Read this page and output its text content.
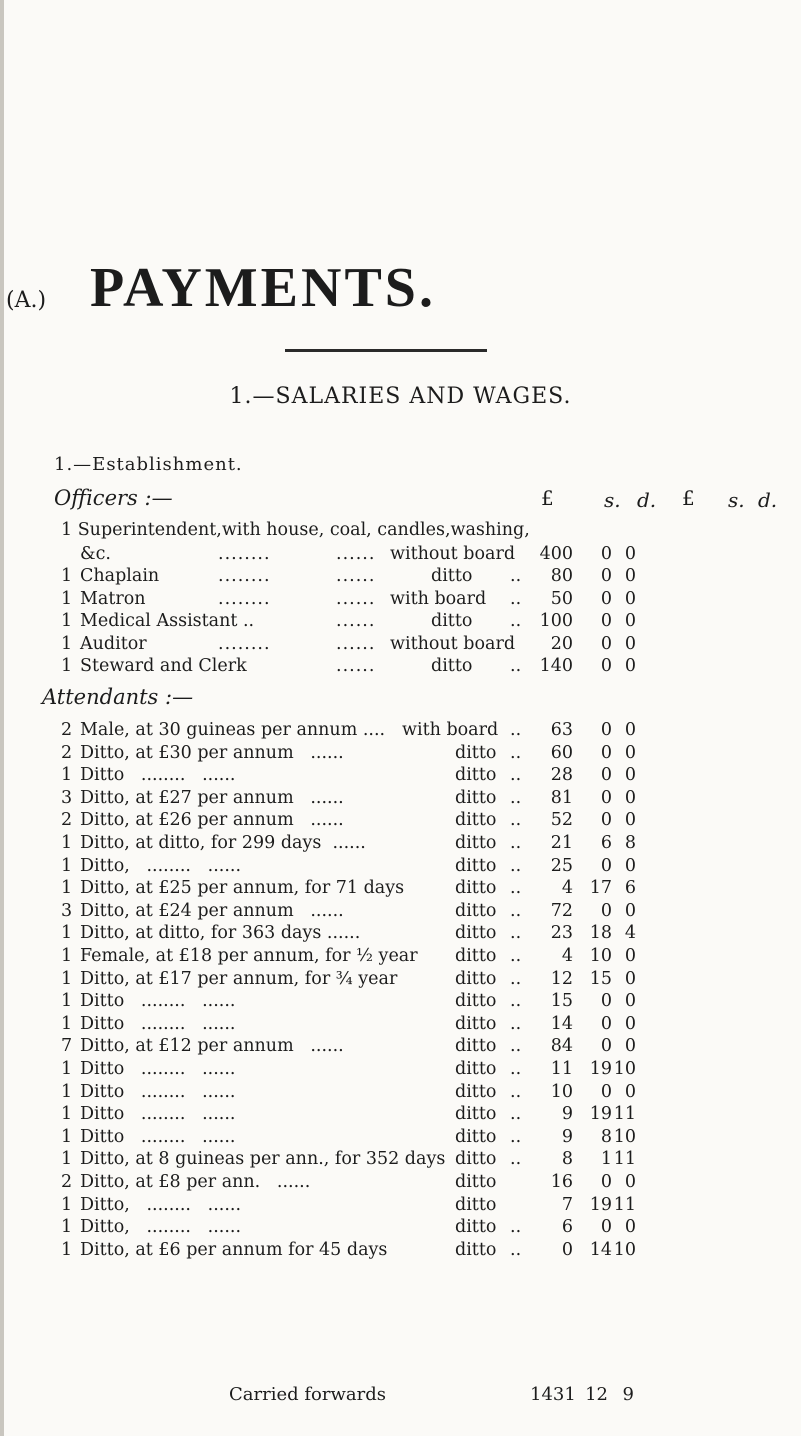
(A.) PAYMENTS.
1.—SALARIES AND WAGES.
1.—Establishment.
Officers :—	£	s. d. £ s. d.
1 Superintendent,with house, coal, candles,washing,
&c.	........	...... without board	400	0 0
1 Chaplain	........	......	ditto ..	80	0 0
1 Matron	........	...... with board ..	50	0 0
1 Medical Assistant ..	......	ditto ..	100	0 0
1 Auditor	........	...... without board	20	0 0
1 Steward and Clerk	......	ditto ..	140	0 0
Attendants :—
2 Male, at 30 guineas per annum .... with board ..	63	0 0
2 Ditto, at £30 per annum   ......	ditto ..	60	0 0
1 Ditto   ........   ......	ditto ..	28	0 0
3 Ditto, at £27 per annum   ......	ditto ..	81	0 0
2 Ditto, at £26 per annum   ......	ditto ..	52	0 0
1 Ditto, at ditto, for 299 days  ......	ditto ..	21	6 8
1 Ditto,   ........   ......	ditto ..	25	0 0
1 Ditto, at £25 per annum, for 71 days	ditto ..	4 17 6
3 Ditto, at £24 per annum   ......	ditto ..	72	0 0
1 Ditto, at ditto, for 363 days ......	ditto ..	23 18 4
1 Female, at £18 per annum, for ½ year ditto ..	4 10 0
1 Ditto, at £17 per annum, for ¾ year	ditto ..	12 15 0
1 Ditto   ........   ......	ditto ..	15	0 0
1 Ditto   ........   ......	ditto ..	14	0 0
7 Ditto, at £12 per annum   ......	ditto ..	84	0 0
1 Ditto   ........   ......	ditto ..	11 19 10
1 Ditto   ........   ......	ditto ..	10	0 0
1 Ditto   ........   ......	ditto ..	9 19 11
1 Ditto   ........   ......	ditto ..	9	8 10
1 Ditto, at 8 guineas per ann., for 352 days ditto ..	8	1 11
2 Ditto, at £8 per ann.   ......	ditto	16	0 0
1 Ditto,   ........   ......	ditto	7 19 11
1 Ditto,   ........   ......	ditto ..	6	0 0
1 Ditto, at £6 per annum for 45 days	ditto ..	0 14 10
Carried forwards	1431 12 9
